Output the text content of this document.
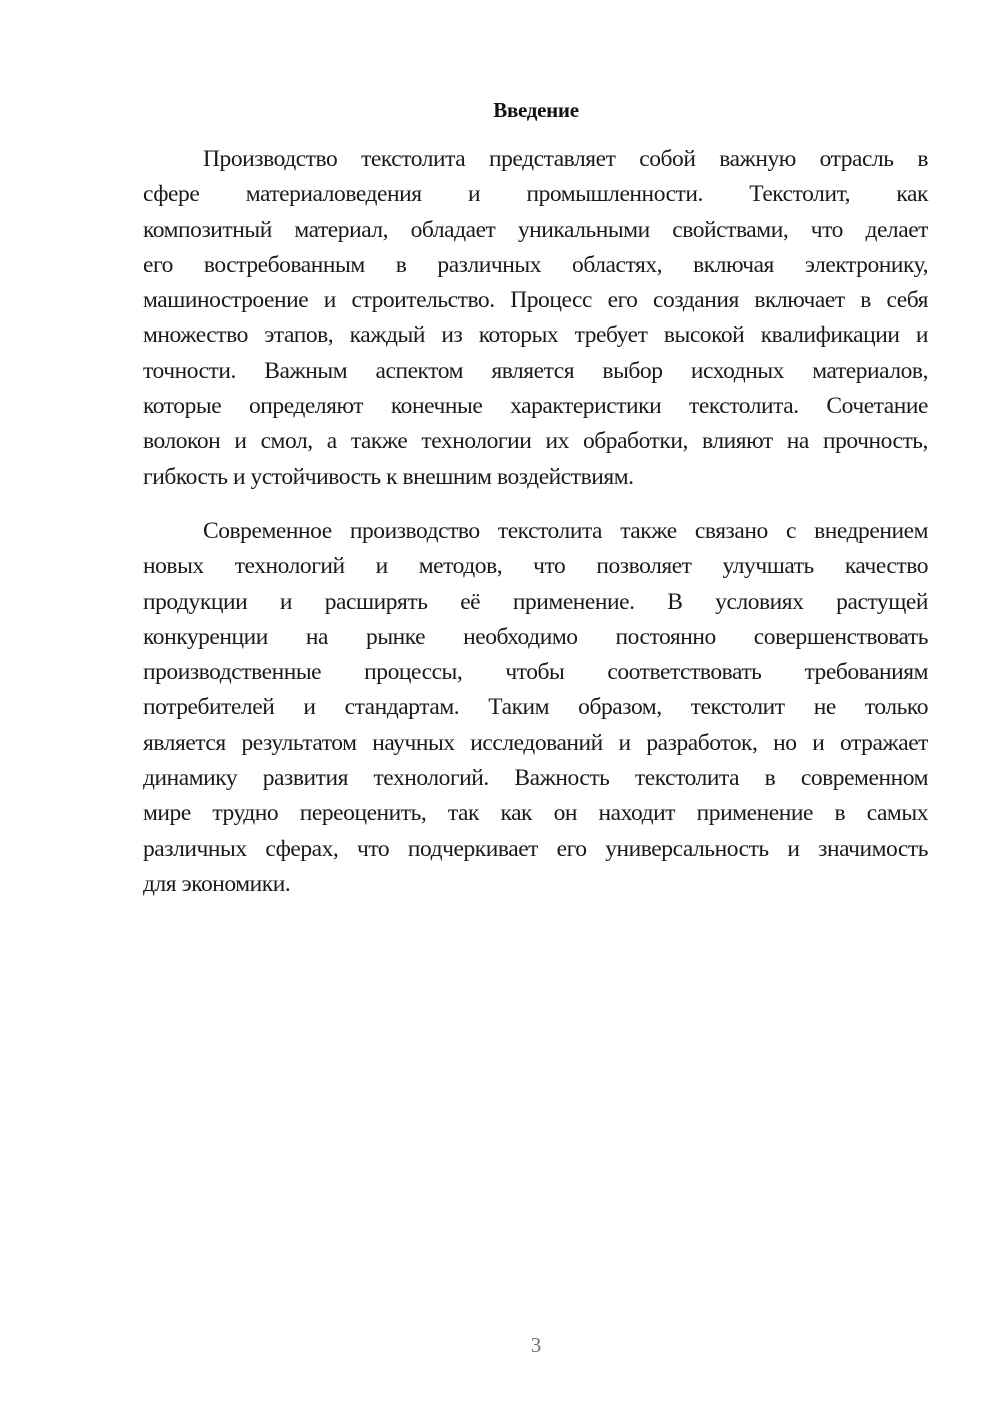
Введение
Производство текстолита представляет собой важную отрасль в
сфере материаловедения и промышленности. Текстолит, как
композитный материал, обладает уникальными свойствами, что делает
его востребованным в различных областях, включая электронику,
машиностроение и строительство. Процесс его создания включает в себя
множество этапов, каждый из которых требует высокой квалификации и
точности. Важным аспектом является выбор исходных материалов,
которые определяют конечные характеристики текстолита. Сочетание
волокон и смол, а также технологии их обработки, влияют на прочность,
гибкость и устойчивость к внешним воздействиям.
Современное производство текстолита также связано с внедрением
новых технологий и методов, что позволяет улучшать качество
продукции и расширять её применение. В условиях растущей
конкуренции на рынке необходимо постоянно совершенствовать
производственные процессы, чтобы соответствовать требованиям
потребителей и стандартам. Таким образом, текстолит не только
является результатом научных исследований и разработок, но и отражает
динамику развития технологий. Важность текстолита в современном
мире трудно переоценить, так как он находит применение в самых
различных сферах, что подчеркивает его универсальность и значимость
для экономики.
3
